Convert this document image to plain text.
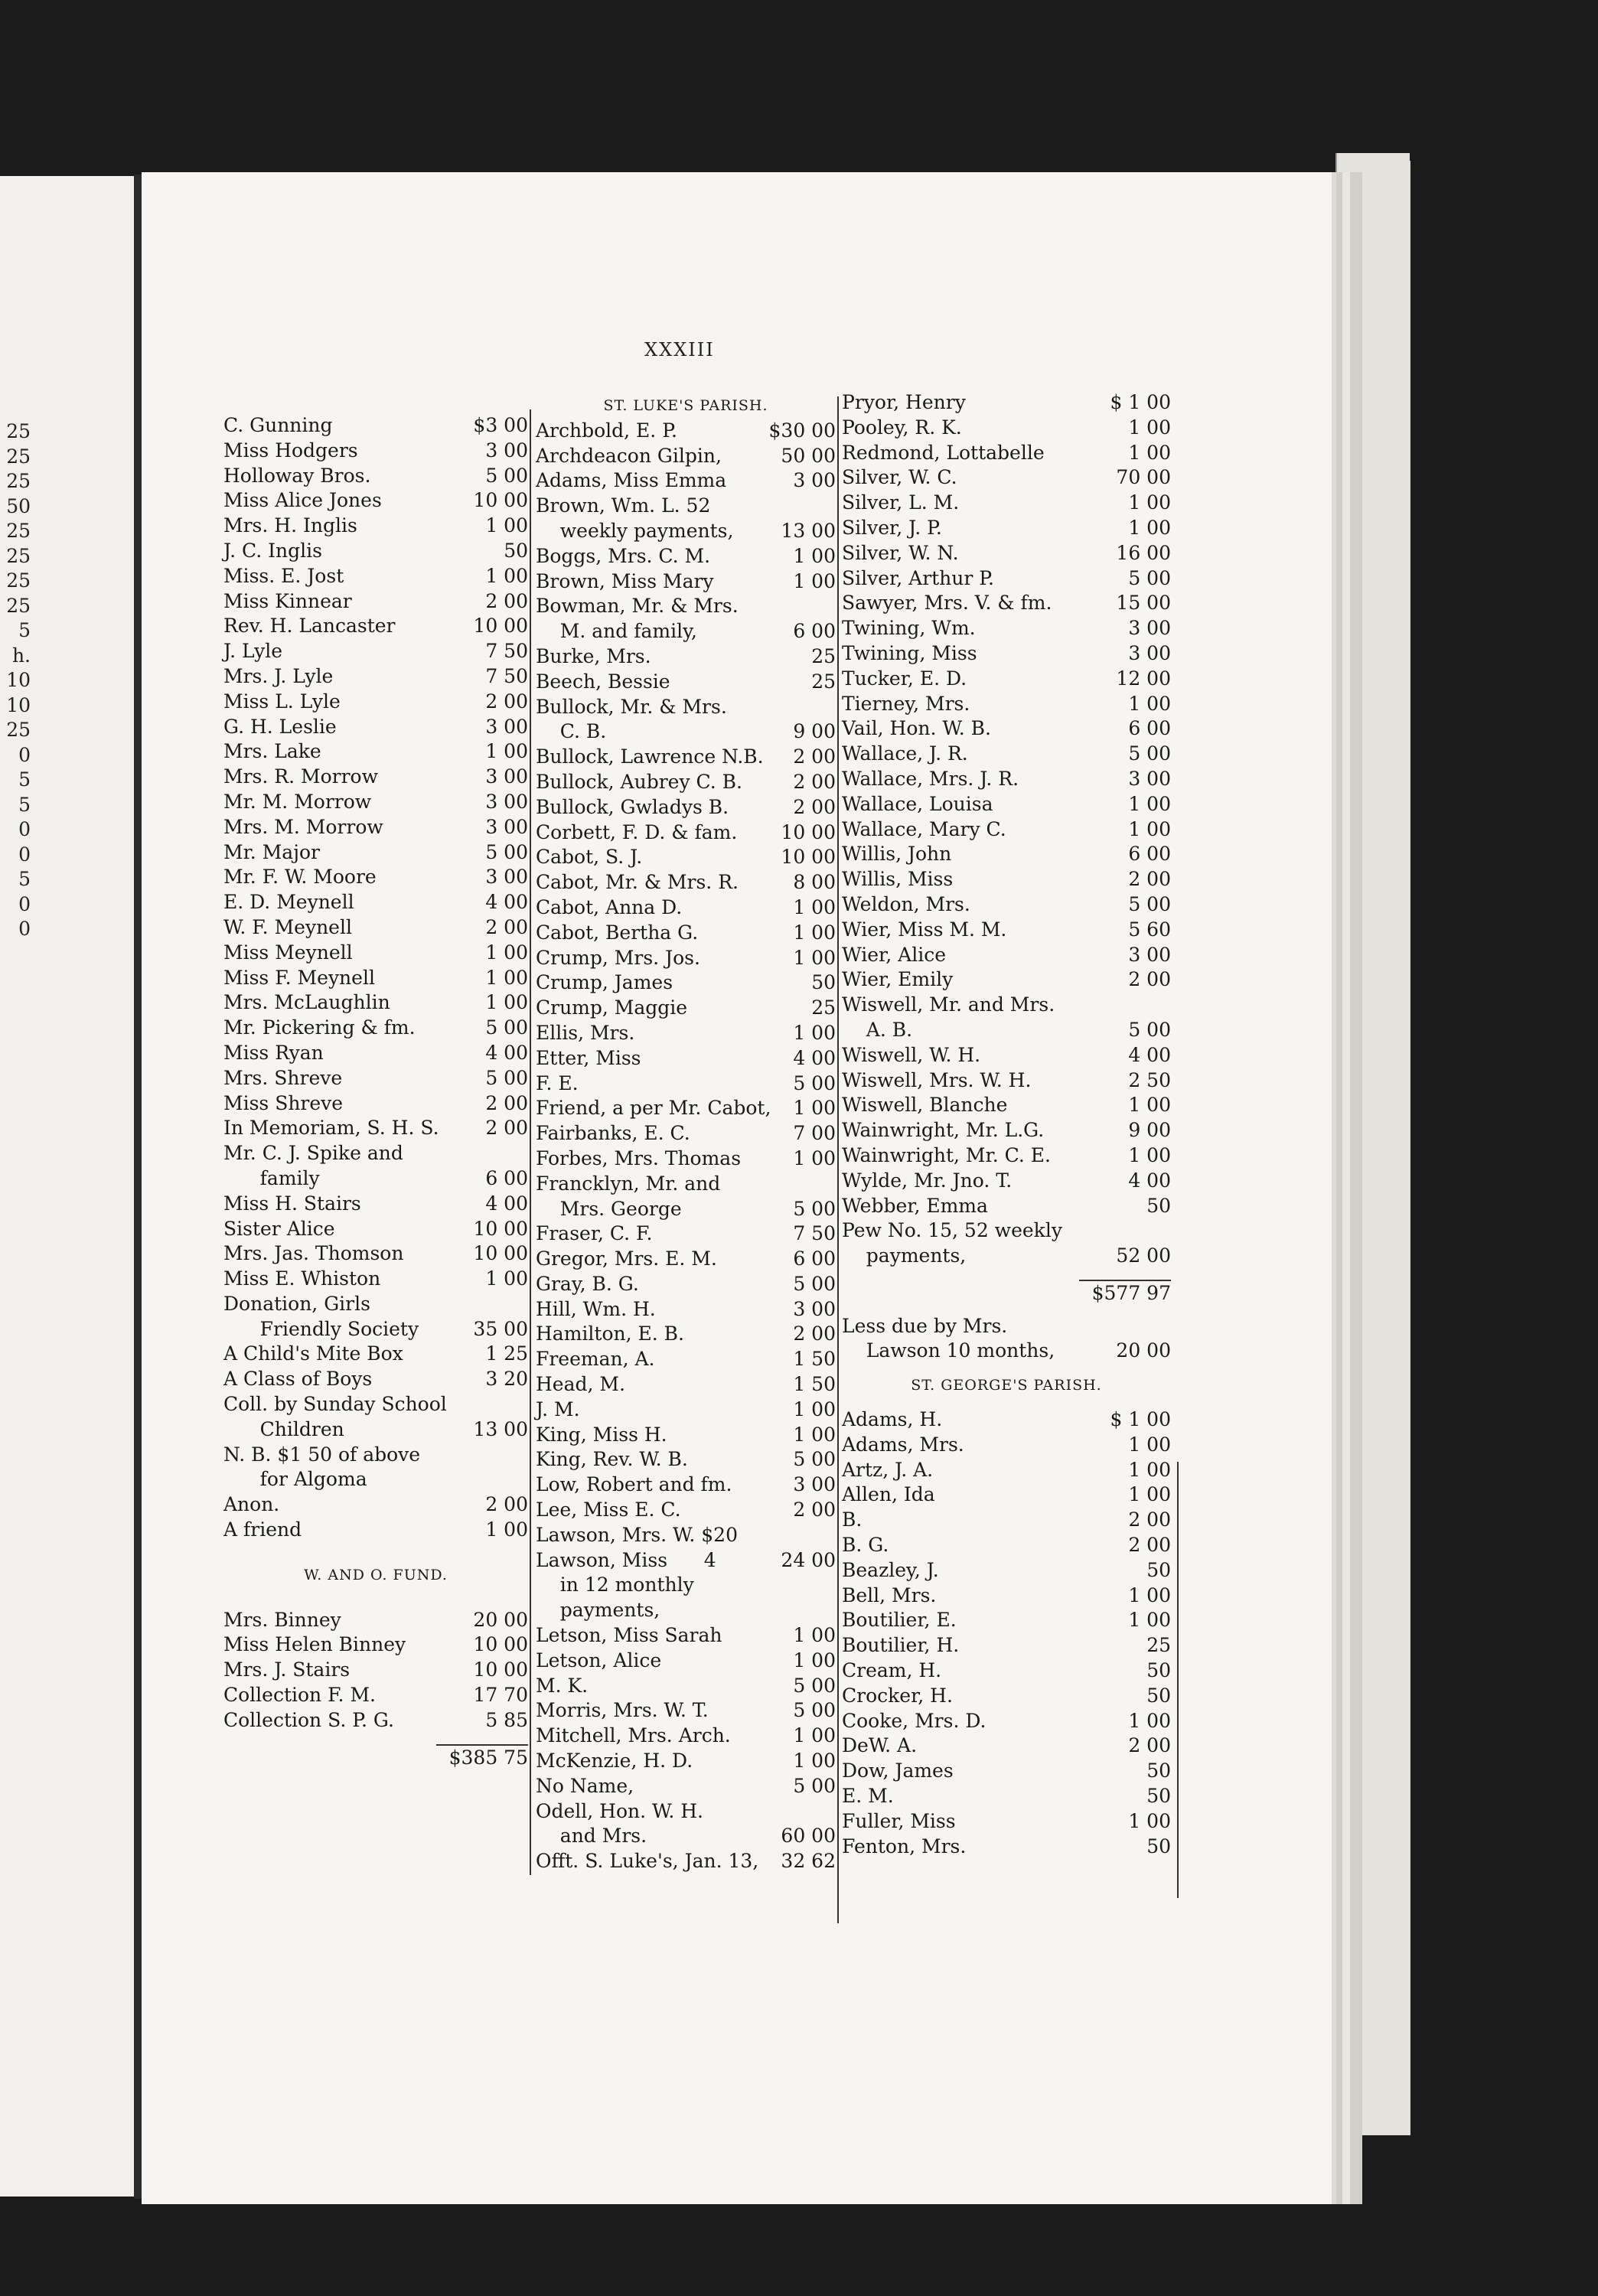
25
25
25
50
25
25
25
25
5
h.
10
10
25
0
5
5
0
0
5
0
0
XXXIII
C. Gunning	$3 00
Miss Hodgers	3 00
Holloway Bros.	5 00
Miss Alice Jones	10 00
Mrs. H. Inglis	1 00
J. C. Inglis	50
Miss. E. Jost	1 00
Miss Kinnear	2 00
Rev. H. Lancaster	10 00
J. Lyle	7 50
Mrs. J. Lyle	7 50
Miss L. Lyle	2 00
G. H. Leslie	3 00
Mrs. Lake	1 00
Mrs. R. Morrow	3 00
Mr. M. Morrow	3 00
Mrs. M. Morrow	3 00
Mr. Major	5 00
Mr. F. W. Moore	3 00
E. D. Meynell	4 00
W. F. Meynell	2 00
Miss Meynell	1 00
Miss F. Meynell	1 00
Mrs. McLaughlin	1 00
Mr. Pickering & fm.	5 00
Miss Ryan	4 00
Mrs. Shreve	5 00
Miss Shreve	2 00
In Memoriam, S. H. S. 2 00
Mr. C. J. Spike and
family	6 00
Miss H. Stairs	4 00
Sister Alice	10 00
Mrs. Jas. Thomson	10 00
Miss E. Whiston	1 00
Donation, Girls
Friendly Society	35 00
A Child's Mite Box	1 25
A Class of Boys	3 20
Coll. by Sunday School
Children	13 00
N. B. $1 50 of above
for Algoma
Anon.	2 00
A friend	1 00
W. AND O. FUND.
Mrs. Binney	20 00
Miss Helen Binney	10 00
Mrs. J. Stairs	10 00
Collection F. M.	17 70
Collection S. P. G.	5 85
$385 75
ST. LUKE'S PARISH.
Archbold, E. P.	$30 00
Archdeacon Gilpin,	50 00
Adams, Miss Emma	3 00
Brown, Wm. L. 52
weekly payments, 13 00
Boggs, Mrs. C. M.	1 00
Brown, Miss Mary	1 00
Bowman, Mr. & Mrs.
M. and family,	6 00
Burke, Mrs.	25
Beech, Bessie	25
Bullock, Mr. & Mrs.
C. B.	9 00
Bullock, Lawrence N.B. 2 00
Bullock, Aubrey C. B.	2 00
Bullock, Gwladys B.	2 00
Corbett, F. D. & fam. 10 00
Cabot, S. J.	10 00
Cabot, Mr. & Mrs. R.	8 00
Cabot, Anna D.	1 00
Cabot, Bertha G.	1 00
Crump, Mrs. Jos.	1 00
Crump, James	50
Crump, Maggie	25
Ellis, Mrs.	1 00
Etter, Miss	4 00
F. E.	5 00
Friend, a per Mr. Cabot, 1 00
Fairbanks, E. C.	7 00
Forbes, Mrs. Thomas	1 00
Francklyn, Mr. and
Mrs. George	5 00
Fraser, C. F.	7 50
Gregor, Mrs. E. M.	6 00
Gray, B. G.	5 00
Hill, Wm. H.	3 00
Hamilton, E. B.	2 00
Freeman, A.	1 50
Head, M.	1 50
J. M.	1 00
King, Miss H.	1 00
King, Rev. W. B.	5 00
Low, Robert and fm.	3 00
Lee, Miss E. C.	2 00
Lawson, Mrs. W. $20
Lawson, Miss      4	24 00
in 12 monthly
payments,
Letson, Miss Sarah	1 00
Letson, Alice	1 00
M. K.	5 00
Morris, Mrs. W. T.	5 00
Mitchell, Mrs. Arch.	1 00
McKenzie, H. D.	1 00
No Name,	5 00
Odell, Hon. W. H.
and Mrs.	60 00
Offt. S. Luke's, Jan. 13, 32 62
Pryor, Henry	$ 1 00
Pooley, R. K.	1 00
Redmond, Lottabelle	1 00
Silver, W. C.	70 00
Silver, L. M.	1 00
Silver, J. P.	1 00
Silver, W. N.	16 00
Silver, Arthur P.	5 00
Sawyer, Mrs. V. & fm.	15 00
Twining, Wm.	3 00
Twining, Miss	3 00
Tucker, E. D.	12 00
Tierney, Mrs.	1 00
Vail, Hon. W. B.	6 00
Wallace, J. R.	5 00
Wallace, Mrs. J. R.	3 00
Wallace, Louisa	1 00
Wallace, Mary C.	1 00
Willis, John	6 00
Willis, Miss	2 00
Weldon, Mrs.	5 00
Wier, Miss M. M.	5 60
Wier, Alice	3 00
Wier, Emily	2 00
Wiswell, Mr. and Mrs.
A. B.	5 00
Wiswell, W. H.	4 00
Wiswell, Mrs. W. H.	2 50
Wiswell, Blanche	1 00
Wainwright, Mr. L.G.	9 00
Wainwright, Mr. C. E.	1 00
Wylde, Mr. Jno. T.	4 00
Webber, Emma	50
Pew No. 15, 52 weekly
payments,	52 00
$577 97
Less due by Mrs.
Lawson 10 months,	20 00
ST. GEORGE'S PARISH.
Adams, H.	$ 1 00
Adams, Mrs.	1 00
Artz, J. A.	1 00
Allen, Ida	1 00
B.	2 00
B. G.	2 00
Beazley, J.	50
Bell, Mrs.	1 00
Boutilier, E.	1 00
Boutilier, H.	25
Cream, H.	50
Crocker, H.	50
Cooke, Mrs. D.	1 00
DeW. A.	2 00
Dow, James	50
E. M.	50
Fuller, Miss	1 00
Fenton, Mrs.	50
